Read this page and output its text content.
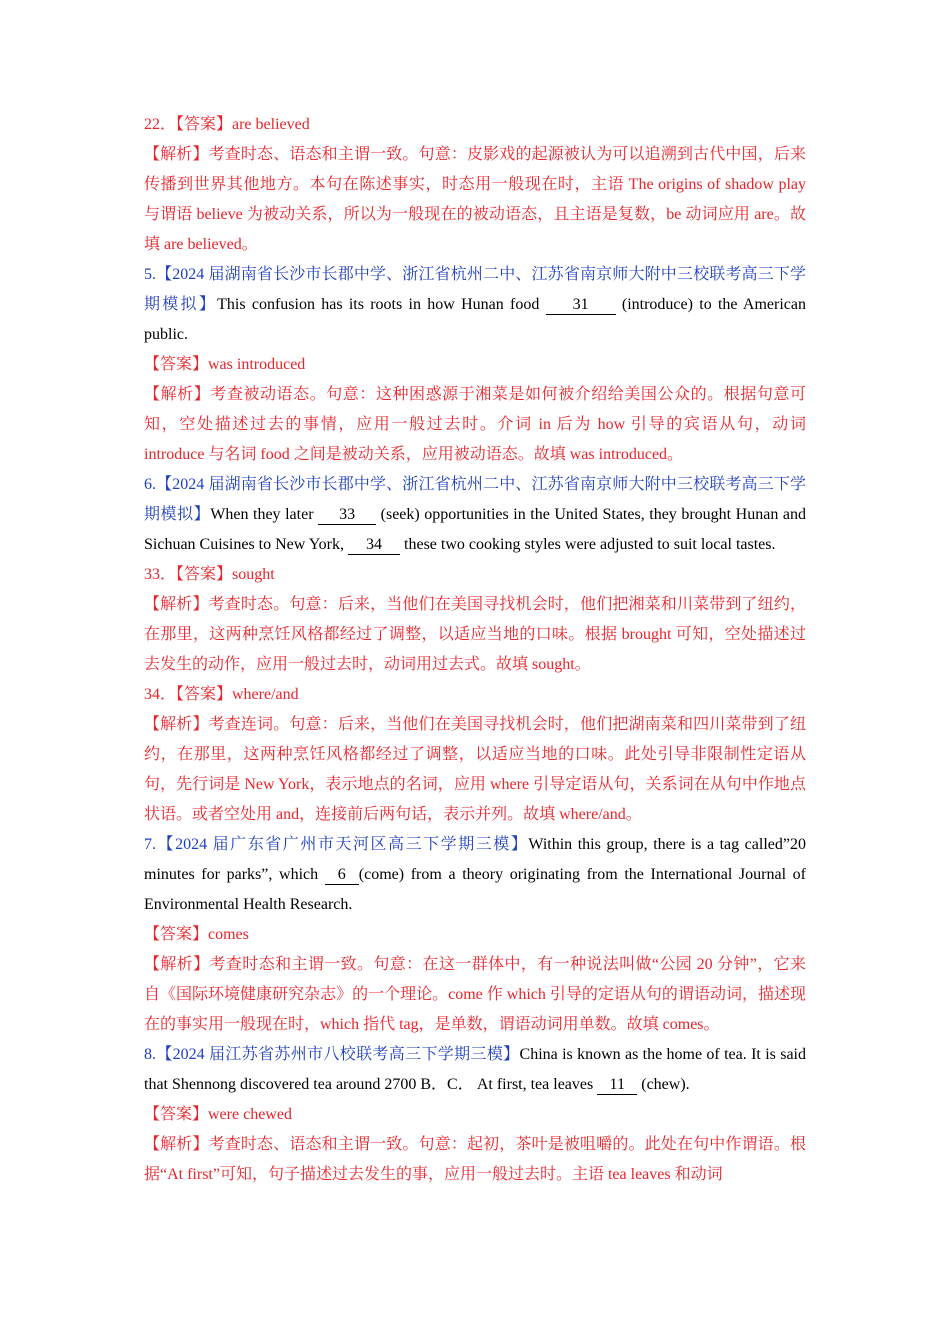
22．【答案】are believed

【解析】考查时态、语态和主谓一致。句意：皮影戏的起源被认为可以追溯到古代中国，后来传播到世界其他地方。本句在陈述事实，时态用一般现在时，主语 The origins of shadow play 与谓语 believe 为被动关系，所以为一般现在的被动语态，且主语是复数，be 动词应用 are。故填 are believed。

5.【2024 届湖南省长沙市长郡中学、浙江省杭州二中、江苏省南京师大附中三校联考高三下学期模拟】This confusion has its roots in how Hunan food 31 (introduce) to the American public.

【答案】was introduced

【解析】考查被动语态。句意：这种困惑源于湘菜是如何被介绍给美国公众的。根据句意可知，空处描述过去的事情，应用一般过去时。介词 in 后为 how 引导的宾语从句，动词 introduce 与名词 food 之间是被动关系，应用被动语态。故填 was introduced。

6.【2024 届湖南省长沙市长郡中学、浙江省杭州二中、江苏省南京师大附中三校联考高三下学期模拟】When they later 33 (seek) opportunities in the United States, they brought Hunan and Sichuan Cuisines to New York, 34 these two cooking styles were adjusted to suit local tastes.

33．【答案】sought

【解析】考查时态。句意：后来，当他们在美国寻找机会时，他们把湘菜和川菜带到了纽约，在那里，这两种烹饪风格都经过了调整，以适应当地的口味。根据 brought 可知，空处描述过去发生的动作，应用一般过去时，动词用过去式。故填 sought。

34．【答案】where/and

【解析】考查连词。句意：后来，当他们在美国寻找机会时，他们把湖南菜和四川菜带到了纽约，在那里，这两种烹饪风格都经过了调整，以适应当地的口味。此处引导非限制性定语从句，先行词是 New York，表示地点的名词，应用 where 引导定语从句，关系词在从句中作地点状语。或者空处用 and，连接前后两句话，表示并列。故填 where/and。

7.【2024 届广东省广州市天河区高三下学期三模】Within this group, there is a tag called”20 minutes for parks”, which 6 (come) from a theory originating from the International Journal of Environmental Health Research.

【答案】comes

【解析】考查时态和主谓一致。句意：在这一群体中，有一种说法叫做“公园 20 分钟”，它来自《国际环境健康研究杂志》的一个理论。come 作 which 引导的定语从句的谓语动词，描述现在的事实用一般现在时，which 指代 tag，是单数，谓语动词用单数。故填 comes。

8.【2024 届江苏省苏州市八校联考高三下学期三模】China is known as the home of tea. It is said that Shennong discovered tea around 2700 B．C． At first, tea leaves 11 (chew).

【答案】were chewed

【解析】考查时态、语态和主谓一致。句意：起初，茶叶是被咀嚼的。此处在句中作谓语。根据“At first”可知，句子描述过去发生的事，应用一般过去时。主语 tea leaves 和动词
